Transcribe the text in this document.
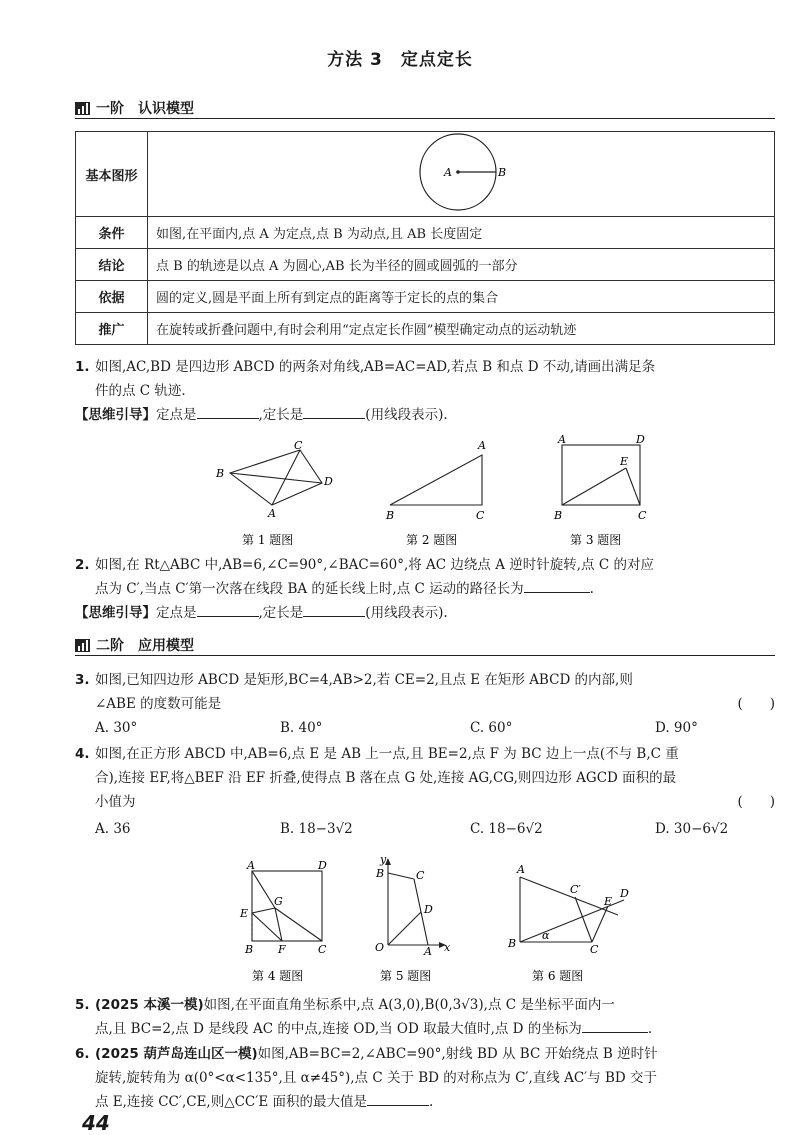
方法 3　定点定长
一阶　认识模型
基本图形	A B

条件	如图,在平面内,点 A 为定点,点 B 为动点,且 AB 长度固定
结论	点 B 的轨迹是以点 A 为圆心,AB 长为半径的圆或圆弧的一部分
依据	圆的定义,圆是平面上所有到定点的距离等于定长的点的集合
推广	在旋转或折叠问题中,有时会利用“定点定长作圆”模型确定动点的运动轨迹
1. 如图,AC,BD 是四边形 ABCD 的两条对角线,AB=AC=AD,若点 B 和点 D 不动,请画出满足条
件的点 C 轨迹.
【思维引导】定点是	,定长是	(用线段表示).
B
C
D
A
第 1 题图
A
B	C
第 2 题图
A	D
E
B	C
第 3 题图
2. 如图,在 Rt△ABC 中,AB=6,∠C=90°,∠BAC=60°,将 AC 边绕点 A 逆时针旋转,点 C 的对应
点为 C′,当点 C′第一次落在线段 BA 的延长线上时,点 C 运动的路径长为	.
【思维引导】定点是	,定长是	(用线段表示).
二阶　应用模型
3. 如图,已知四边形 ABCD 是矩形,BC=4,AB>2,若 CE=2,且点 E 在矩形 ABCD 的内部,则
∠ABE 的度数可能是	(　　)
A. 30°	B. 40°	C. 60°	D. 90°
4. 如图,在正方形 ABCD 中,AB=6,点 E 是 AB 上一点,且 BE=2,点 F 为 BC 边上一点(不与 B,C 重
合),连接 EF,将△BEF 沿 EF 折叠,使得点 B 落在点 G 处,连接 AG,CG,则四边形 AGCD 面积的最
小值为	(　　)
A. 36	B. 18−3√2	C. 18−6√2	D. 30−6√2
A	D
G
E
B F	C
第 4 题图
y
B	C
D
O	A x
第 5 题图
A
C′
E
D
B
α
C
第 6 题图
5. (2025 本溪一模)如图,在平面直角坐标系中,点 A(3,0),B(0,3√3),点 C 是坐标平面内一
点,且 BC=2,点 D 是线段 AC 的中点,连接 OD,当 OD 取最大值时,点 D 的坐标为	.
6. (2025 葫芦岛连山区一模)如图,AB=BC=2,∠ABC=90°,射线 BD 从 BC 开始绕点 B 逆时针
旋转,旋转角为 α(0°<α<135°,且 α≠45°),点 C 关于 BD 的对称点为 C′,直线 AC′与 BD 交于
点 E,连接 CC′,CE,则△CC′E 面积的最大值是	.
44
